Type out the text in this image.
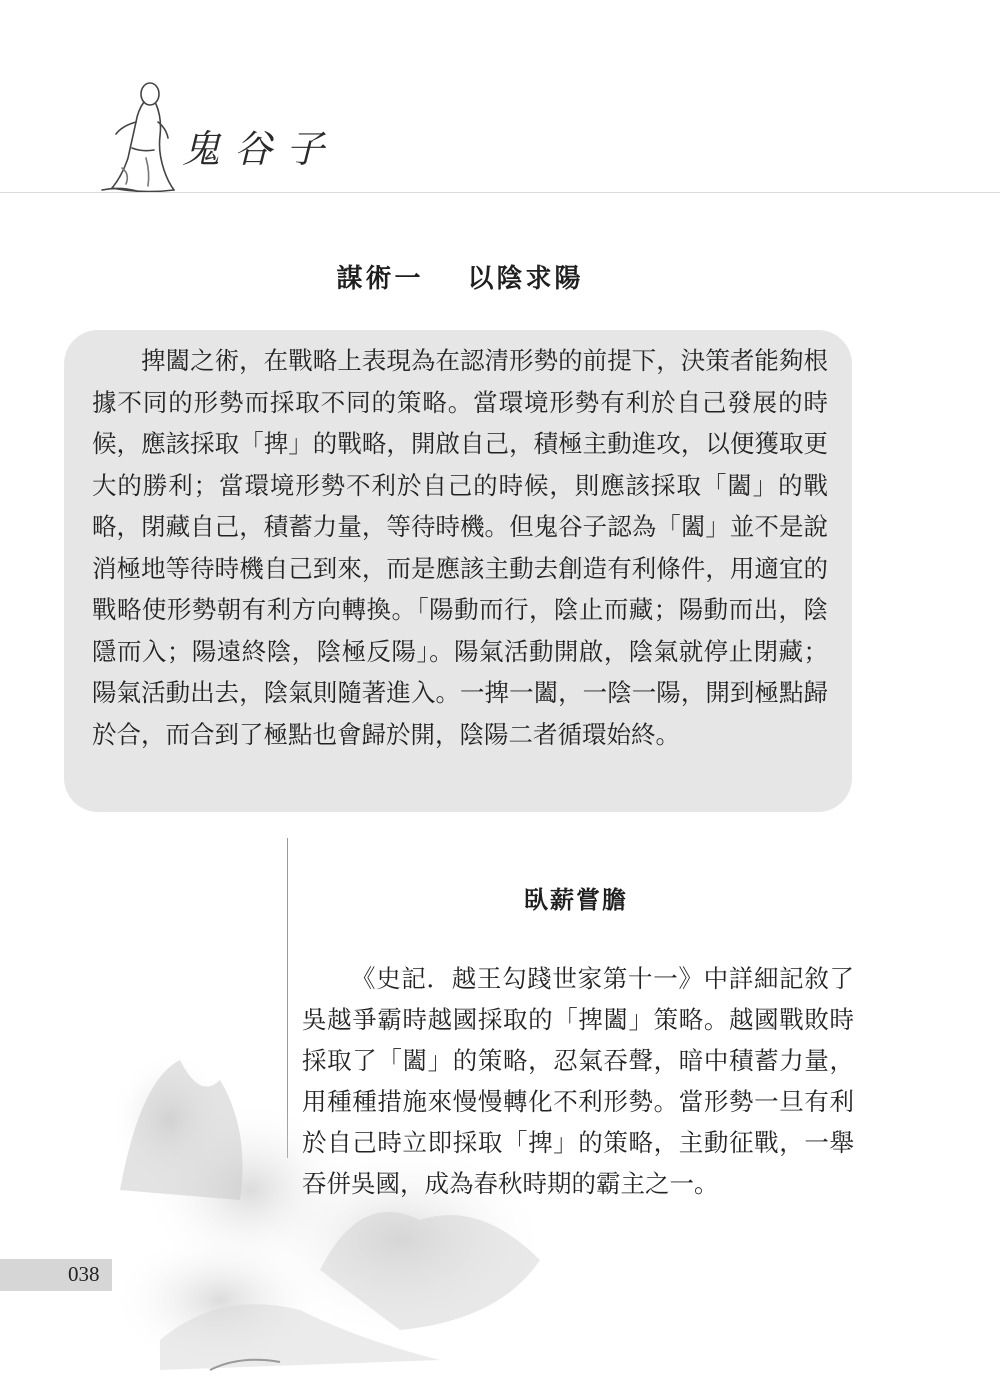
鬼谷子
謀術一 以陰求陽

捭闔之術，在戰略上表現為在認清形勢的前提下，決策者能夠根據不同的形勢而採取不同的策略。當環境形勢有利於自己發展的時候，應該採取「捭」的戰略，開啟自己，積極主動進攻，以便獲取更大的勝利；當環境形勢不利於自己的時候，則應該採取「闔」的戰略，閉藏自己，積蓄力量，等待時機。但鬼谷子認為「闔」並不是說消極地等待時機自己到來，而是應該主動去創造有利條件，用適宜的戰略使形勢朝有利方向轉換。「陽動而行，陰止而藏；陽動而出，陰隱而入；陽遠終陰，陰極反陽」。陽氣活動開啟，陰氣就停止閉藏；陽氣活動出去，陰氣則隨著進入。一捭一闔，一陰一陽，開到極點歸於合，而合到了極點也會歸於開，陰陽二者循環始終。

臥薪嘗膽

《史記．越王勾踐世家第十一》中詳細記敘了吳越爭霸時越國採取的「捭闔」策略。越國戰敗時採取了「闔」的策略，忍氣吞聲，暗中積蓄力量，用種種措施來慢慢轉化不利形勢。當形勢一旦有利於自己時立即採取「捭」的策略，主動征戰，一舉吞併吳國，成為春秋時期的霸主之一。

038
